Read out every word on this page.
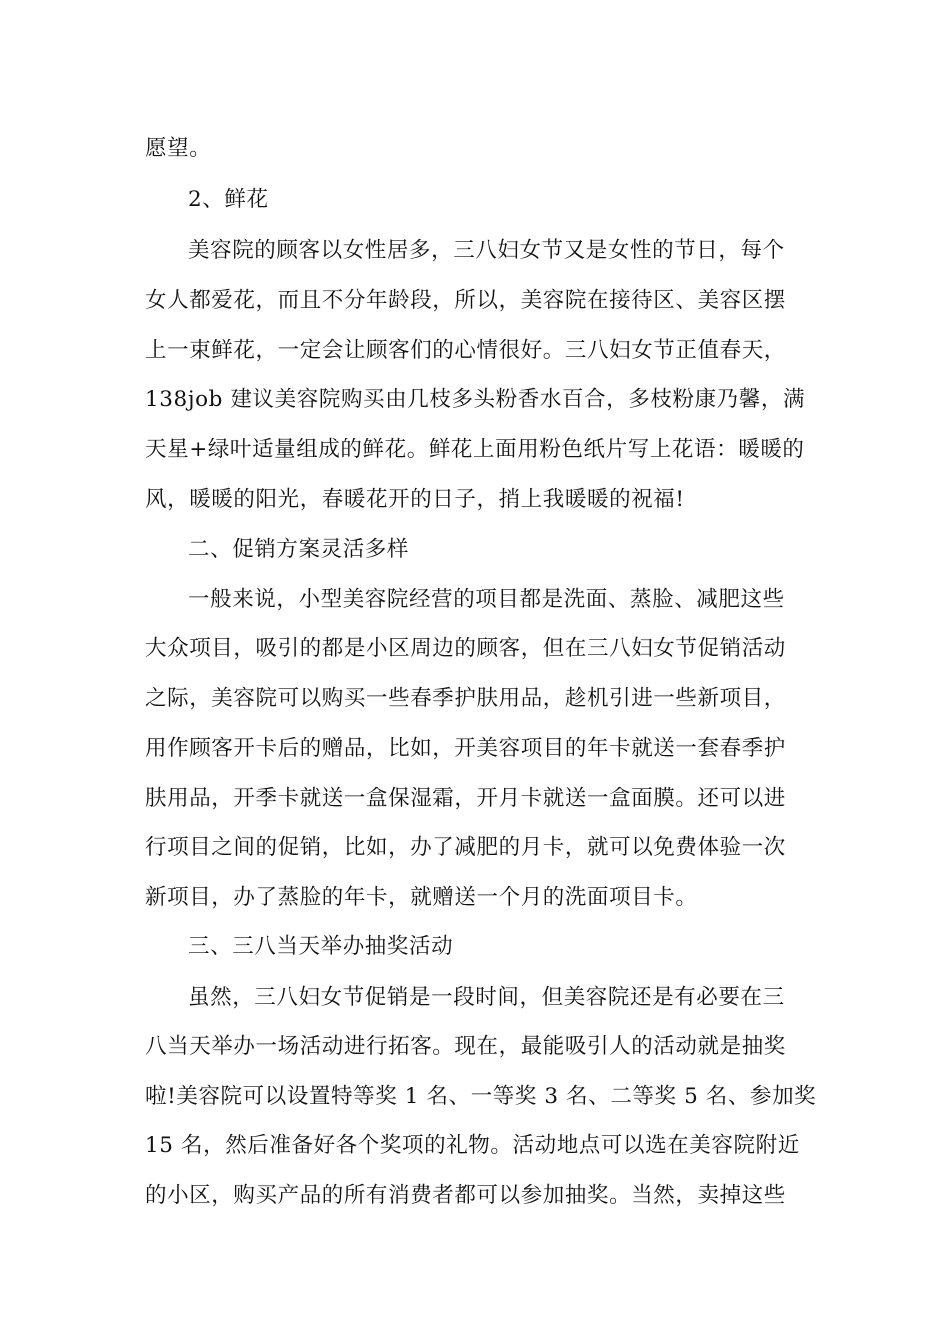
愿望。
2、鲜花
美容院的顾客以女性居多，三八妇女节又是女性的节日，每个
女人都爱花，而且不分年龄段，所以，美容院在接待区、美容区摆
上一束鲜花，一定会让顾客们的心情很好。三八妇女节正值春天，
138job 建议美容院购买由几枝多头粉香水百合，多枝粉康乃馨，满
天星+绿叶适量组成的鲜花。鲜花上面用粉色纸片写上花语：暖暖的
风，暖暖的阳光，春暖花开的日子，捎上我暖暖的祝福!
二、促销方案灵活多样
一般来说，小型美容院经营的项目都是洗面、蒸脸、减肥这些
大众项目，吸引的都是小区周边的顾客，但在三八妇女节促销活动
之际，美容院可以购买一些春季护肤用品，趁机引进一些新项目，
用作顾客开卡后的赠品，比如，开美容项目的年卡就送一套春季护
肤用品，开季卡就送一盒保湿霜，开月卡就送一盒面膜。还可以进
行项目之间的促销，比如，办了减肥的月卡，就可以免费体验一次
新项目，办了蒸脸的年卡，就赠送一个月的洗面项目卡。
三、三八当天举办抽奖活动
虽然，三八妇女节促销是一段时间，但美容院还是有必要在三
八当天举办一场活动进行拓客。现在，最能吸引人的活动就是抽奖
啦!美容院可以设置特等奖 1 名、一等奖 3 名、二等奖 5 名、参加奖
15 名，然后准备好各个奖项的礼物。活动地点可以选在美容院附近
的小区，购买产品的所有消费者都可以参加抽奖。当然，卖掉这些
